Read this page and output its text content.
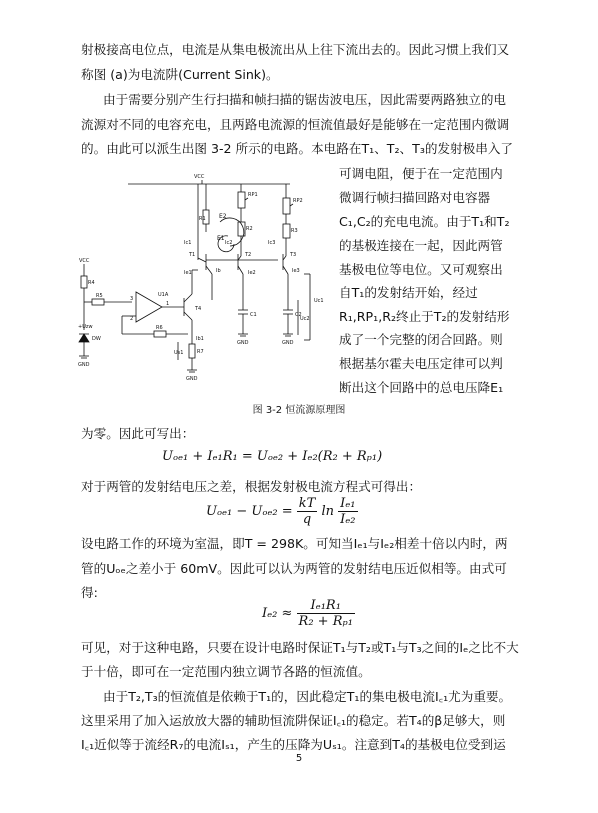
射极接高电位点，电流是从集电极流出从上往下流出去的。因此习惯上我们又
称图 (a)为电流阱(Current Sink)。
由于需要分别产生行扫描和帧扫描的锯齿波电压，因此需要两路独立的电
流源对不同的电容充电，且两路电流源的恒流值最好是能够在一定范围内微调
的。由此可以派生出图 3-2 所示的电路。本电路在T₁、T₂、T₃的发射极串入了
可调电阻，便于在一定范围内
微调行帧扫描回路对电容器
C₁,C₂的充电电流。由于T₁和T₂
的基极连接在一起，因此两管
基极电位等电位。又可观察出
自T₁的发射结开始，经过
R₁,RP₁,R₂终止于T₂的发射结形
成了一个完整的闭合回路。则
根据基尔霍夫电压定律可以判
断出这个回路中的总电压降E₁
VCC
VCC
E2
E1
RP1
RP2
R1
R2	R3
R4
R5
R6
R7
T1	T2	T3
T4
U1A
Ic1	Ic2	Ic3
Ie1	Ie2	Ie3
Ib
C1	C2
Uc1
Uc2
Us1
Ib1
DW
+Uzw
3
2
1
GND
GND
GND	GND
图 3-2 恒流源原理图
为零。因此可写出：
Uₒₑ₁ + Iₑ₁R₁ = Uₒₑ₂ + Iₑ₂(R₂ + Rₚ₁)
对于两管的发射结电压之差，根据发射极电流方程式可得出：
$U_{oe1} - U_{oe2} = \frac{kT}{q}$ $\ln \frac{\text{Iₑ₁}}{\text{Iₑ₂}}$
设电路工作的环境为室温，即T = 298K。可知当Iₑ₁与Iₑ₂相差十倍以内时，两
管的Uₒₑ之差小于 60mV。因此可以认为两管的发射结电压近似相等。由式可
得:
$I_{e2} \approx \frac{\text{Iₑ₁R₁}}{\text{R₂ + Rₚ₁}}$
可见，对于这种电路，只要在设计电路时保证T₁与T₂或T₁与T₃之间的Iₑ之比不大
于十倍，即可在一定范围内独立调节各路的恒流值。
由于T₂,T₃的恒流值是依赖于T₁的，因此稳定T₁的集电极电流I꜀₁尤为重要。
这里采用了加入运放放大器的辅助恒流阱保证I꜀₁的稳定。若T₄的β足够大，则
I꜀₁近似等于流经R₇的电流Iₛ₁，产生的压降为Uₛ₁。注意到T₄的基极电位受到运
5
